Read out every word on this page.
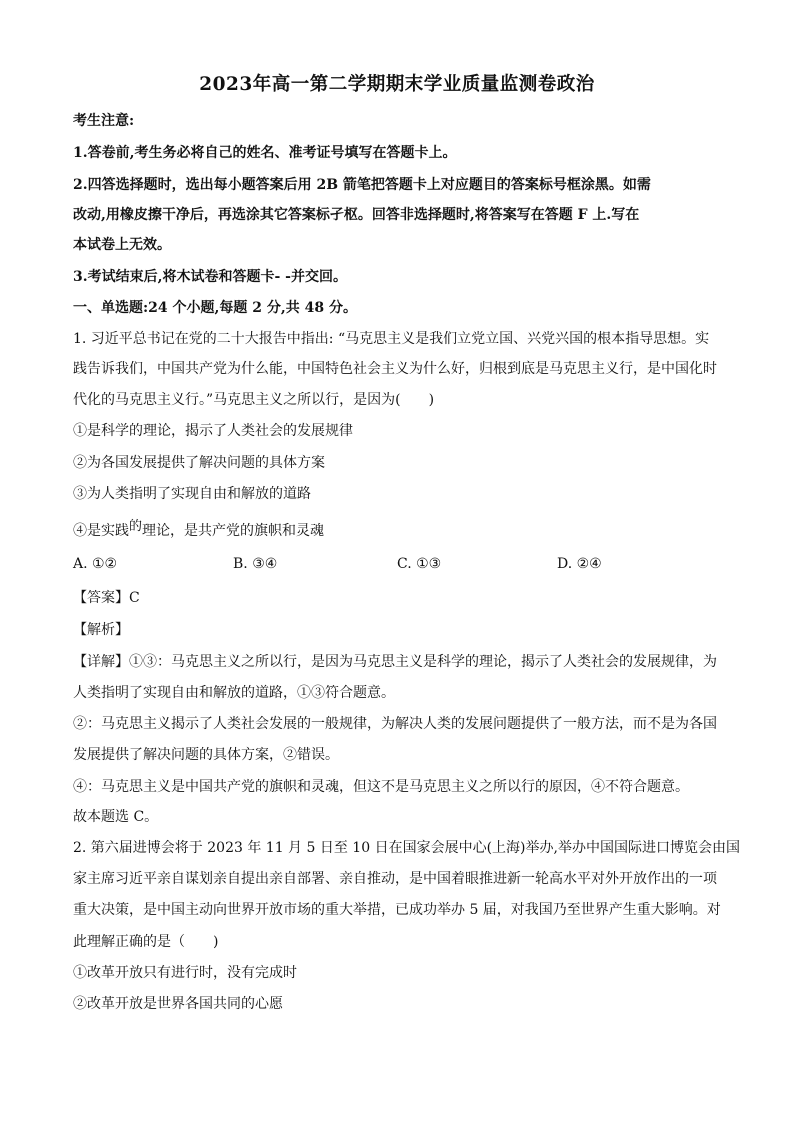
2023年高一第二学期期末学业质量监测卷政治
考生注意:
1.答卷前,考生务必将自己的姓名、准考证号填写在答题卡上。
2.四答选择题时，选出每小题答案后用 2B 箭笔把答题卡上对应题目的答案标号框涂黑。如需
改动,用橡皮擦干净后，再选涂其它答案标孑枢。回答非选择题时,将答案写在答题 F 上.写在
本试卷上无效。
3.考试结束后,将木试卷和答题卡- -并交回。
一、单选题:24 个小题,每题 2 分,共 48 分。
1. 习近平总书记在党的二十大报告中指出: “马克思主义是我们立党立国、兴党兴国的根本指导思想。实
践告诉我们，中国共产党为什么能，中国特色社会主义为什么好，归根到底是马克思主义行，是中国化时
代化的马克思主义行。”马克思主义之所以行，是因为(　　)
①是科学的理论，揭示了人类社会的发展规律
②为各国发展提供了解决问题的具体方案
③为人类指明了实现自由和解放的道路
④是实践的理论，是共产党的旗帜和灵魂
A. ①②	B. ③④	C. ①③	D. ②④
【答案】C
【解析】
【详解】①③：马克思主义之所以行，是因为马克思主义是科学的理论，揭示了人类社会的发展规律，为
人类指明了实现自由和解放的道路，①③符合题意。
②：马克思主义揭示了人类社会发展的一般规律，为解决人类的发展问题提供了一般方法，而不是为各国
发展提供了解决问题的具体方案，②错误。
④：马克思主义是中国共产党的旗帜和灵魂，但这不是马克思主义之所以行的原因，④不符合题意。
故本题选 C。
2. 第六届进博会将于 2023 年 11 月 5 日至 10 日在国家会展中心(上海)举办,举办中国国际进口博览会由国
家主席习近平亲自谋划亲自提出亲自部署、亲自推动，是中国着眼推进新一轮高水平对外开放作出的一项
重大决策，是中国主动向世界开放市场的重大举措，已成功举办 5 届，对我国乃至世界产生重大影响。对
此理解正确的是（　　)
①改革开放只有进行时，没有完成时
②改革开放是世界各国共同的心愿
